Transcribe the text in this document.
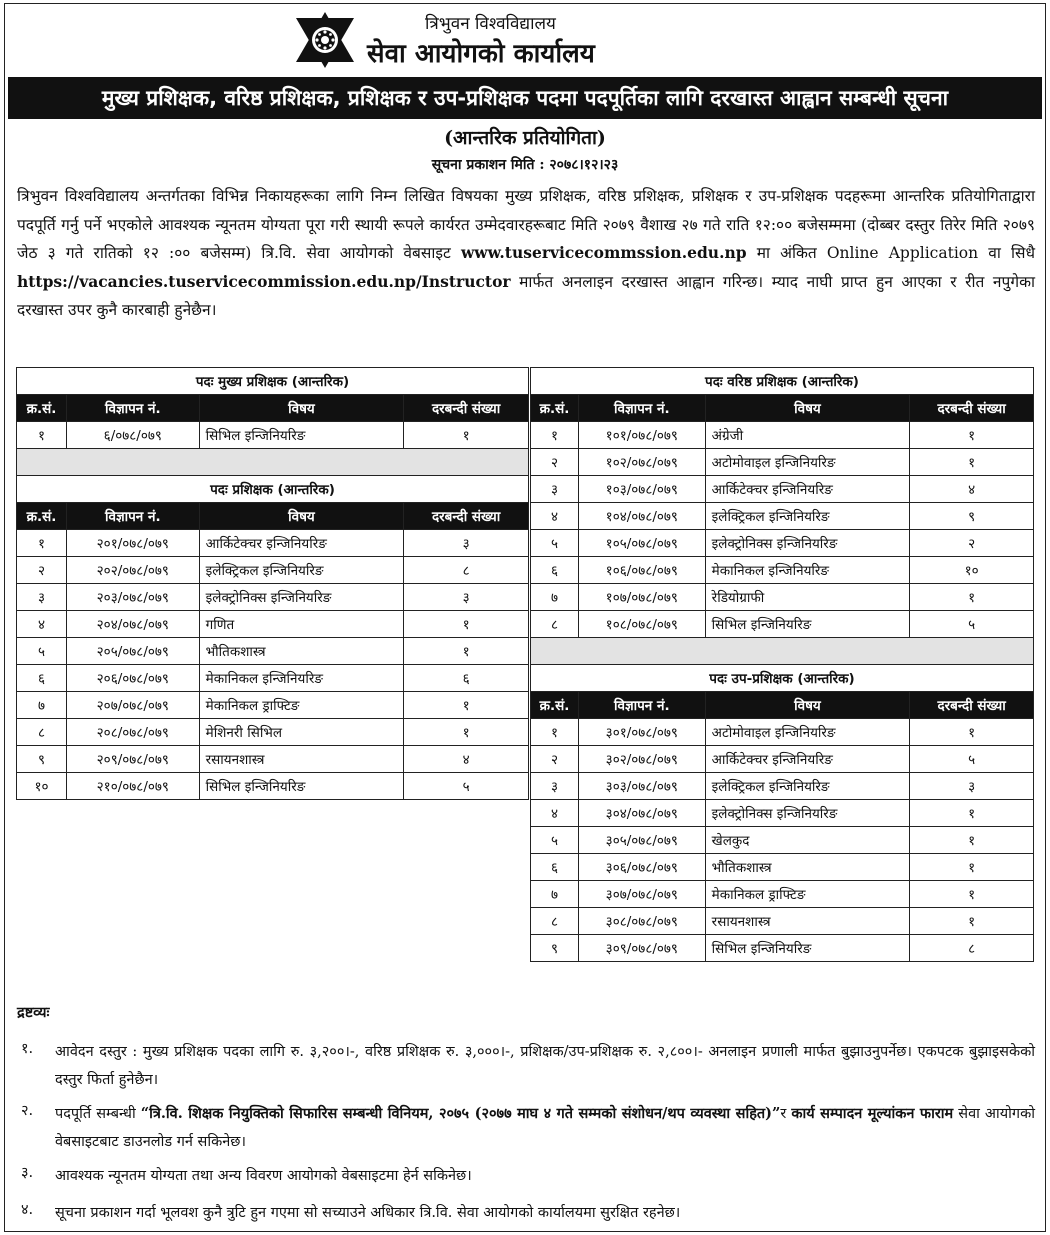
त्रिभुवन विश्वविद्यालय
सेवा आयोगको कार्यालय
मुख्य प्रशिक्षक, वरिष्ठ प्रशिक्षक, प्रशिक्षक र उप-प्रशिक्षक पदमा पदपूर्तिका लागि दरखास्त आह्वान सम्बन्धी सूचना
(आन्तरिक प्रतियोगिता)
सूचना प्रकाशन मिति : २०७८।१२।२३
त्रिभुवन विश्वविद्यालय अन्तर्गतका विभिन्न निकायहरूका लागि निम्न लिखित विषयका मुख्य प्रशिक्षक, वरिष्ठ प्रशिक्षक, प्रशिक्षक र उप-प्रशिक्षक पदहरूमा आन्तरिक प्रतियोगिताद्वारा पदपूर्ति गर्नु पर्ने भएकोले आवश्यक न्यूनतम योग्यता पूरा गरी स्थायी रूपले कार्यरत उम्मेदवारहरूबाट मिति २०७९ वैशाख २७ गते राति १२:०० बजेसम्ममा (दोब्बर दस्तुर तिरेर मिति २०७९ जेठ ३ गते रातिको १२ :०० बजेसम्म) त्रि.वि. सेवा आयोगको वेबसाइट www.tuservicecommssion.edu.np मा अंकित Online Application वा सिधै https://vacancies.tuservicecommission.edu.np/Instructor मार्फत अनलाइन दरखास्त आह्वान गरिन्छ। म्याद नाघी प्राप्त हुन आएका र रीत नपुगेका दरखास्त उपर कुनै कारबाही हुनेछैन।
पदः मुख्य प्रशिक्षक (आन्तरिक)			
क्र.सं.	विज्ञापन नं.	विषय	दरबन्दी संख्या
१	६/०७८/०७९	सिभिल इन्जिनियरिङ	१

पदः प्रशिक्षक (आन्तरिक)			
क्र.सं.	विज्ञापन नं.	विषय	दरबन्दी संख्या
१	२०१/०७८/०७९	आर्किटेक्चर इन्जिनियरिङ	३
२	२०२/०७८/०७९	इलेक्ट्रिकल इन्जिनियरिङ	८
३	२०३/०७८/०७९	इलेक्ट्रोनिक्स इन्जिनियरिङ	३
४	२०४/०७८/०७९	गणित	१
५	२०५/०७८/०७९	भौतिकशास्त्र	१
६	२०६/०७८/०७९	मेकानिकल इन्जिनियरिङ	६
७	२०७/०७८/०७९	मेकानिकल ड्राफ्टिङ	१
८	२०८/०७८/०७९	मेशिनरी सिभिल	१
९	२०९/०७८/०७९	रसायनशास्त्र	४
१०	२१०/०७८/०७९	सिभिल इन्जिनियरिङ	५
पदः वरिष्ठ प्रशिक्षक (आन्तरिक)			
क्र.सं.	विज्ञापन नं.	विषय	दरबन्दी संख्या
१	१०१/०७८/०७९	अंग्रेजी	१
२	१०२/०७८/०७९	अटोमोवाइल इन्जिनियरिङ	१
३	१०३/०७८/०७९	आर्किटेक्चर इन्जिनियरिङ	४
४	१०४/०७८/०७९	इलेक्ट्रिकल इन्जिनियरिङ	९
५	१०५/०७८/०७९	इलेक्ट्रोनिक्स इन्जिनियरिङ	२
६	१०६/०७८/०७९	मेकानिकल इन्जिनियरिङ	१०
७	१०७/०७८/०७९	रेडियोग्राफी	१
८	१०८/०७८/०७९	सिभिल इन्जिनियरिङ	५

पदः उप-प्रशिक्षक (आन्तरिक)			
क्र.सं.	विज्ञापन नं.	विषय	दरबन्दी संख्या
१	३०१/०७८/०७९	अटोमोवाइल इन्जिनियरिङ	१
२	३०२/०७८/०७९	आर्किटेक्चर इन्जिनियरिङ	५
३	३०३/०७८/०७९	इलेक्ट्रिकल इन्जिनियरिङ	३
४	३०४/०७८/०७९	इलेक्ट्रोनिक्स इन्जिनियरिङ	१
५	३०५/०७८/०७९	खेलकुद	१
६	३०६/०७८/०७९	भौतिकशास्त्र	१
७	३०७/०७८/०७९	मेकानिकल ड्राफ्टिङ	१
८	३०८/०७८/०७९	रसायनशास्त्र	१
९	३०९/०७८/०७९	सिभिल इन्जिनियरिङ	८
द्रष्टव्यः
१. आवेदन दस्तुर : मुख्य प्रशिक्षक पदका लागि रु. ३,२००।-, वरिष्ठ प्रशिक्षक रु. ३,०००।-, प्रशिक्षक/उप-प्रशिक्षक रु. २,८००।- अनलाइन प्रणाली मार्फत बुझाउनुपर्नेछ। एकपटक बुझाइसकेको दस्तुर फिर्ता हुनेछैन।
२. पदपूर्ति सम्बन्धी “त्रि.वि. शिक्षक नियुक्तिको सिफारिस सम्बन्धी विनियम, २०७५ (२०७७ माघ ४ गते सम्मको संशोधन/थप व्यवस्था सहित)”र कार्य सम्पादन मूल्यांकन फाराम सेवा आयोगको वेबसाइटबाट डाउनलोड गर्न सकिनेछ।
३. आवश्यक न्यूनतम योग्यता तथा अन्य विवरण आयोगको वेबसाइटमा हेर्न सकिनेछ।
४. सूचना प्रकाशन गर्दा भूलवश कुनै त्रुटि हुन गएमा सो सच्याउने अधिकार त्रि.वि. सेवा आयोगको कार्यालयमा सुरक्षित रहनेछ।
